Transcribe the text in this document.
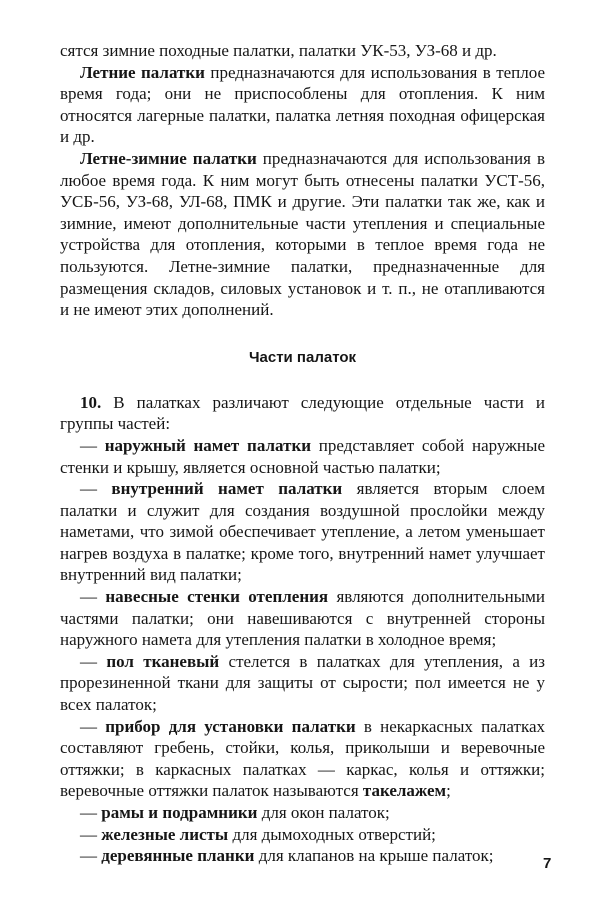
сятся зимние походные палатки, палатки УК-53, УЗ-68 и др.

Летние палатки предназначаются для использования в теплое время года; они не приспособлены для отопления. К ним относятся лагерные палатки, палатка летняя походная офицерская и др.

Летне-зимние палатки предназначаются для использования в любое время года. К ним могут быть отнесены палатки УСТ-56, УСБ-56, УЗ-68, УЛ-68, ПМК и другие. Эти палатки так же, как и зимние, имеют дополнительные части утепления и специальные устройства для отопления, которыми в теплое время года не пользуются. Летне-зимние палатки, предназначенные для размещения складов, силовых установок и т. п., не отапливаются и не имеют этих дополнений.

Части палаток

10. В палатках различают следующие отдельные части и группы частей:

— наружный намет палатки представляет собой наружные стенки и крышу, является основной частью палатки;

— внутренний намет палатки является вторым слоем палатки и служит для создания воздушной прослойки между наметами, что зимой обеспечивает утепление, а летом уменьшает нагрев воздуха в палатке; кроме того, внутренний намет улучшает внутренний вид палатки;

— навесные стенки отепления являются дополнительными частями палатки; они навешиваются с внутренней стороны наружного намета для утепления палатки в холодное время;

— пол тканевый стелется в палатках для утепления, а из прорезиненной ткани для защиты от сырости; пол имеется не у всех палаток;

— прибор для установки палатки в некаркасных палатках составляют гребень, стойки, колья, приколыши и веревочные оттяжки; в каркасных палатках — каркас, колья и оттяжки; веревочные оттяжки палаток называются такелажем;

— рамы и подрамники для окон палаток;

— железные листы для дымоходных отверстий;

— деревянные планки для клапанов на крыше палаток;	7
